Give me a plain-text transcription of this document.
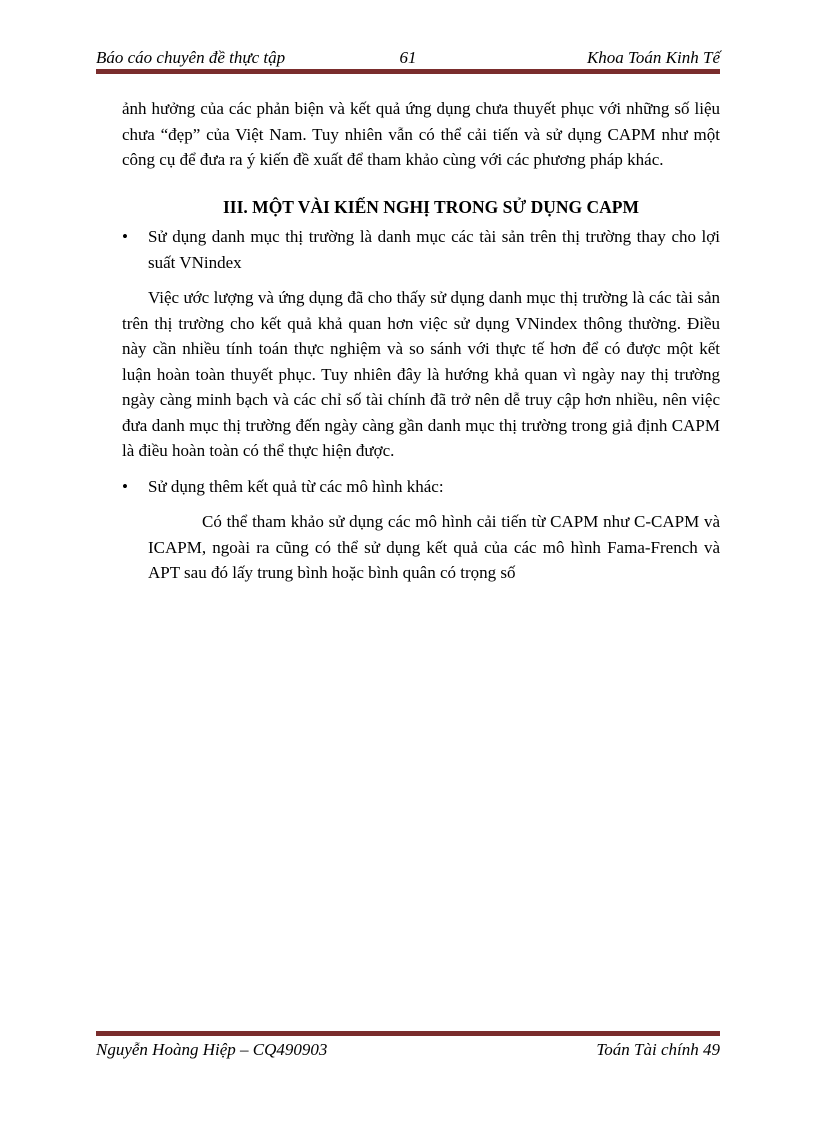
Báo cáo chuyên đề thực tập	61	Khoa Toán Kinh Tế

ảnh hưởng của các phản biện và kết quả ứng dụng chưa thuyết phục với những số liệu chưa “đẹp” của Việt Nam. Tuy nhiên vẫn có thể cải tiến và sử dụng CAPM như một công cụ để đưa ra ý kiến đề xuất để tham khảo cùng với các phương pháp khác.

III. MỘT VÀI KIẾN NGHỊ TRONG SỬ DỤNG CAPM

• Sử dụng danh mục thị trường là danh mục các tài sản trên thị trường thay cho lợi suất VNindex

Việc ước lượng và ứng dụng đã cho thấy sử dụng danh mục thị trường là các tài sản trên thị trường cho kết quả khả quan hơn việc sử dụng VNindex thông thường. Điều này cần nhiều tính toán thực nghiệm và so sánh với thực tế hơn để có được một kết luận hoàn toàn thuyết phục. Tuy nhiên đây là hướng khả quan vì ngày nay thị trường ngày càng minh bạch và các chỉ số tài chính đã trở nên dễ truy cập hơn nhiều, nên việc đưa danh mục thị trường đến ngày càng gần danh mục thị trường trong giả định CAPM là điều hoàn toàn có thể thực hiện được.

• Sử dụng thêm kết quả từ các mô hình khác:

Có thể tham khảo sử dụng các mô hình cải tiến từ CAPM như C-CAPM và ICAPM, ngoài ra cũng có thể sử dụng kết quả của các mô hình Fama-French và APT sau đó lấy trung bình hoặc bình quân có trọng số

Nguyễn Hoàng Hiệp – CQ490903	Toán Tài chính 49
